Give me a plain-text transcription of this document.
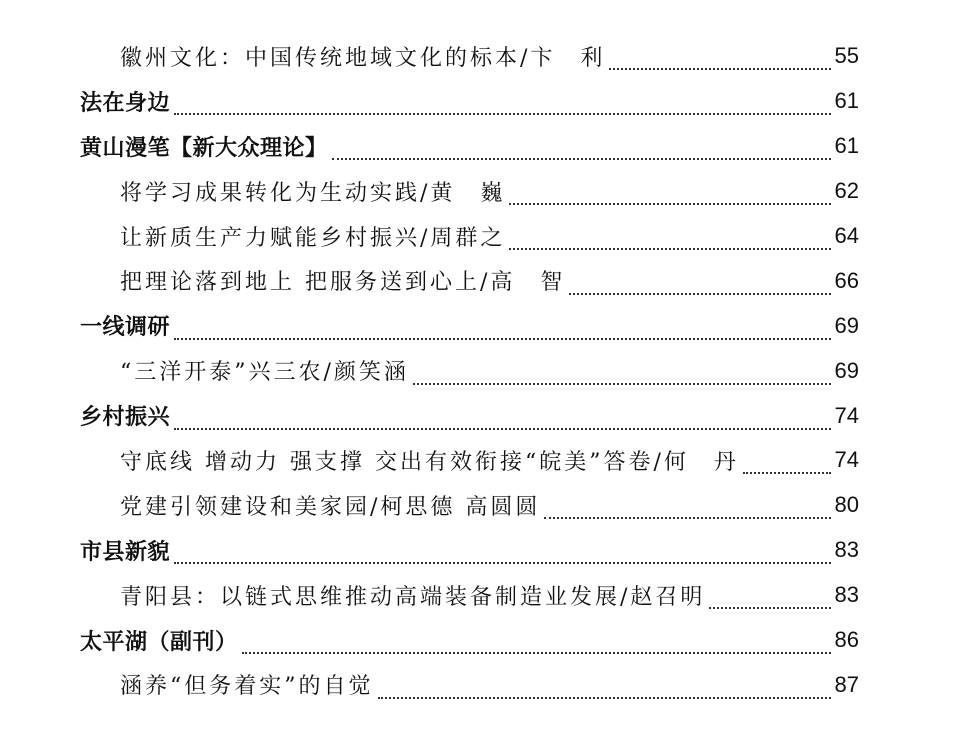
徽州文化：中国传统地域文化的标本/卞　利	55
法在身边	61
黄山漫笔【新大众理论】	61
将学习成果转化为生动实践/黄　巍	62
让新质生产力赋能乡村振兴/周群之	64
把理论落到地上 把服务送到心上/高　智	66
一线调研	69
“三洋开泰”兴三农/颜笑涵	69
乡村振兴	74
守底线 增动力 强支撑 交出有效衔接“皖美”答卷/何　丹	74
党建引领建设和美家园/柯思德 高圆圆	80
市县新貌	83
青阳县：以链式思维推动高端装备制造业发展/赵召明	83
太平湖（副刊）	86
涵养“但务着实”的自觉	87
